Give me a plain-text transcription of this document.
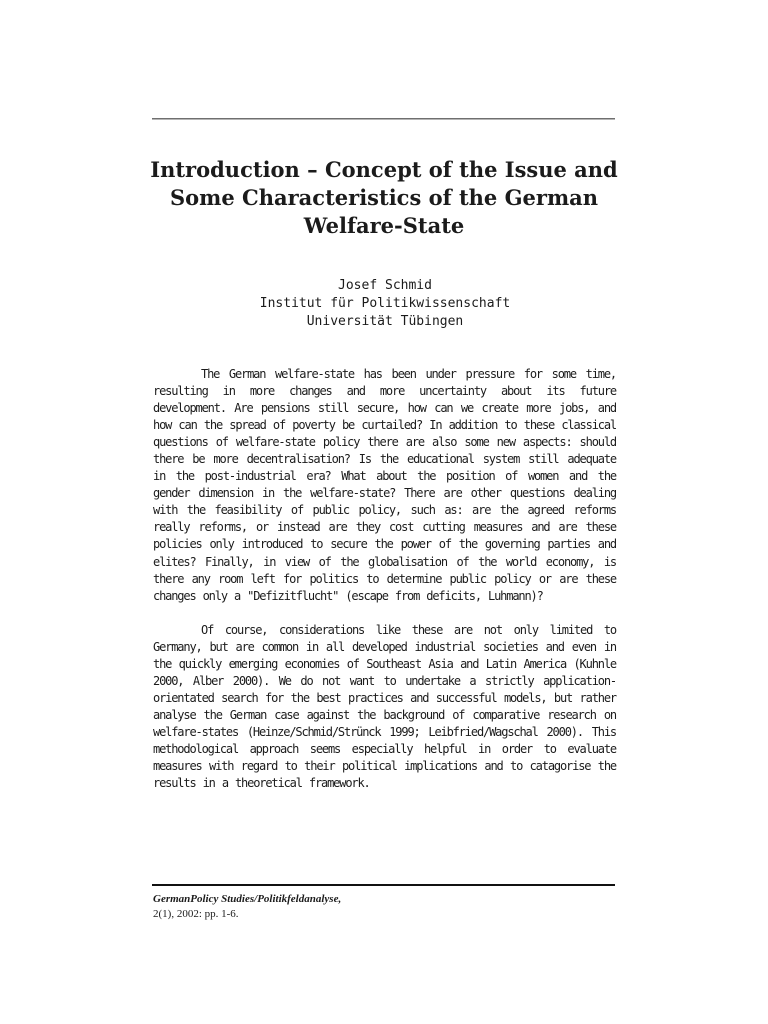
Introduction – Concept of the Issue and
Some Characteristics of the German
Welfare-State
Josef Schmid
Institut für Politikwissenschaft
Universität Tübingen

The German welfare-state has been under pressure for some time, resulting in more changes and more uncertainty about its future development. Are pensions still secure, how can we create more jobs, and how can the spread of poverty be curtailed? In addition to these classical questions of welfare-state policy there are also some new aspects: should there be more decentralisation? Is the educational system still adequate in the post-industrial era? What about the position of women and the gender dimension in the welfare-state? There are other questions dealing with the feasibility of public policy, such as: are the agreed reforms really reforms, or instead are they cost cutting measures and are these policies only introduced to secure the power of the governing parties and elites? Finally, in view of the globalisation of the world economy, is there any room left for politics to determine public policy or are these changes only a "Defizitflucht" (escape from deficits, Luhmann)?

Of course, considerations like these are not only limited to Germany, but are common in all developed industrial societies and even in the quickly emerging economies of Southeast Asia and Latin America (Kuhnle 2000, Alber 2000). We do not want to undertake a strictly application-orientated search for the best practices and successful models, but rather analyse the German case against the background of comparative research on welfare-states (Heinze/Schmid/Strünck 1999; Leibfried/Wagschal 2000). This methodological approach seems especially helpful in order to evaluate measures with regard to their political implications and to catagorise the results in a theoretical framework.

GermanPolicy Studies/Politikfeldanalyse,
2(1), 2002: pp. 1-6.
